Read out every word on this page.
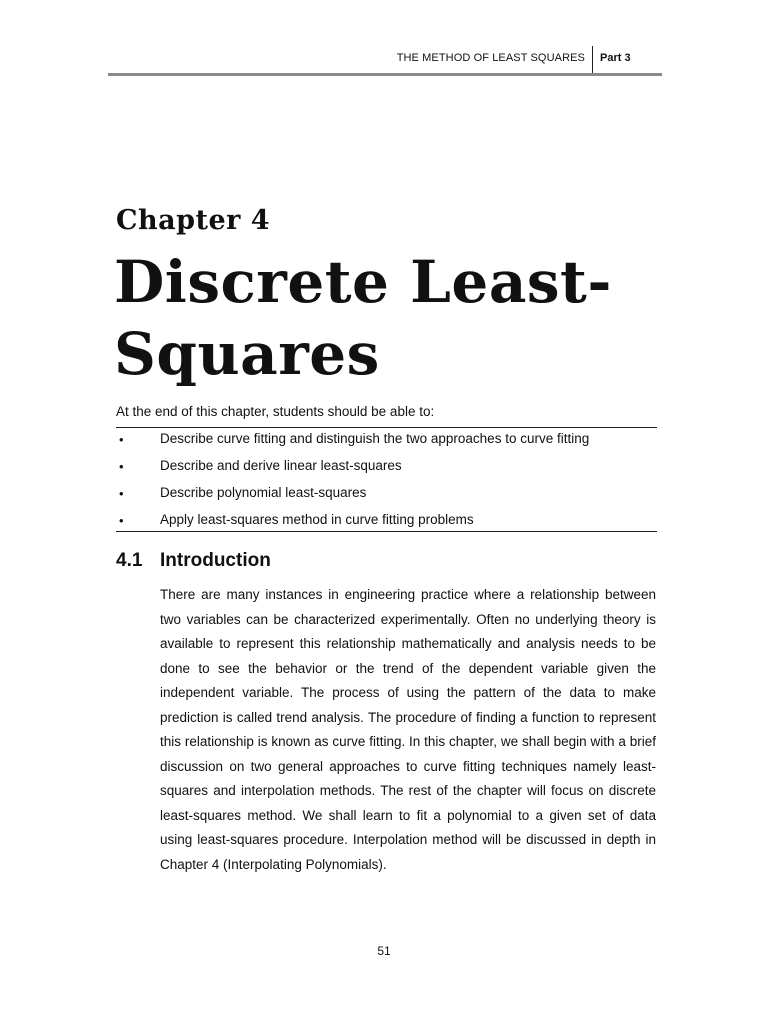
THE METHOD OF LEAST SQUARES Part 3
Chapter 4
Discrete Least-Squares
At the end of this chapter, students should be able to:
•	Describe curve fitting and distinguish the two approaches to curve fitting
•	Describe and derive linear least-squares
•	Describe polynomial least-squares
•	Apply least-squares method in curve fitting problems
4.1 Introduction

There are many instances in engineering practice where a relationship between two variables can be characterized experimentally. Often no underlying theory is available to represent this relationship mathematically and analysis needs to be done to see the behavior or the trend of the dependent variable given the independent variable. The process of using the pattern of the data to make prediction is called trend analysis. The procedure of finding a function to represent this relationship is known as curve fitting. In this chapter, we shall begin with a brief discussion on two general approaches to curve fitting techniques namely least-squares and interpolation methods. The rest of the chapter will focus on discrete least-squares method. We shall learn to fit a polynomial to a given set of data using least-squares procedure. Interpolation method will be discussed in depth in Chapter 4 (Interpolating Polynomials).

51
